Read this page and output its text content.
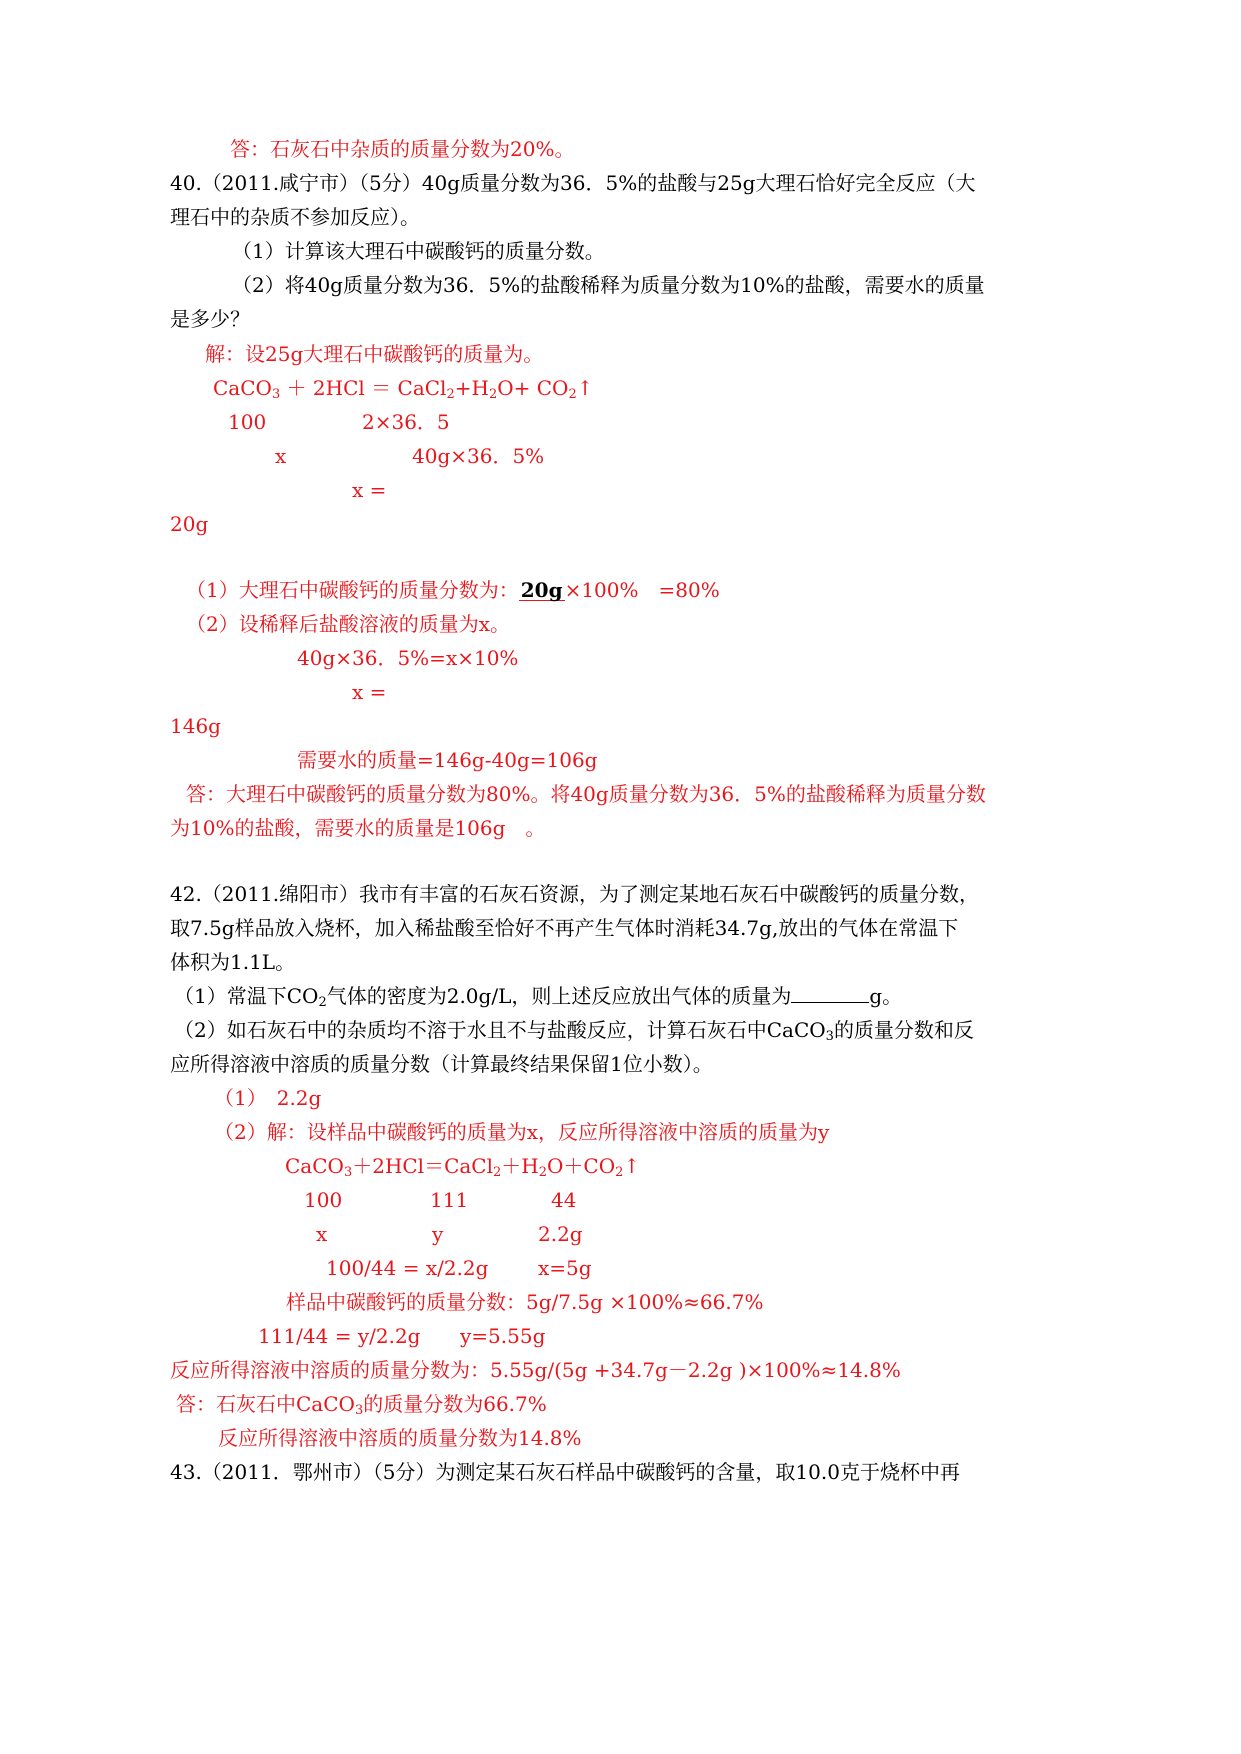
答：石灰石中杂质的质量分数为20%。
40.（2011.咸宁市）（5分）40g质量分数为36．5%的盐酸与25g大理石恰好完全反应（大
理石中的杂质不参加反应）。
（1）计算该大理石中碳酸钙的质量分数。
（2）将40g质量分数为36．5%的盐酸稀释为质量分数为10%的盐酸，需要水的质量
是多少？
解：设25g大理石中碳酸钙的质量为。
CaCO$_3$ ＋ $2HCl = CaCl_2+H_2O+$ $CO_2↑$
100	2×36．5
x	40g×36．5%
x =
20g
（1）大理石中碳酸钙的质量分数为： 20g ×100%　=80%
（2）设稀释后盐酸溶液的质量为x。
40g×36．5%=x×10%
x =
146g
需要水的质量=146g-40g=106g
答：大理石中碳酸钙的质量分数为80%。将40g质量分数为36．5%的盐酸稀释为质量分数
为10%的盐酸，需要水的质量是106g　。
42.（2011.绵阳市）我市有丰富的石灰石资源，为了测定某地石灰石中碳酸钙的质量分数，
取7.5g样品放入烧杯，加入稀盐酸至恰好不再产生气体时消耗34.7g,放出的气体在常温下
体积为1.1L。
（1）常温下$CO_2$气体的密度为2.0g/L，则上述反应放出气体的质量为	g。
（2）如石灰石中的杂质均不溶于水且不与盐酸反应，计算石灰石中CaCO$_3$的质量分数和反
应所得溶液中溶质的质量分数（计算最终结果保留1位小数）。
（1）　2.2g
（2）解：设样品中碳酸钙的质量为x，反应所得溶液中溶质的质量为y
$CaCO_3+2HCl=CaCl_2+H_2O+CO_2↑$
100	111	44
x	y	2.2g
100/44 = x/2.2g x=5g
样品中碳酸钙的质量分数：5g/7.5g ×100%≈66.7%
111/44 = y/2.2g y=5.55g
反应所得溶液中溶质的质量分数为：5.55g/(5g +34.7g－2.2g )×100%≈14.8%
答：石灰石中CaCO$_3$的质量分数为66.7%
反应所得溶液中溶质的质量分数为14.8%
43.（2011．鄂州市）（5分）为测定某石灰石样品中碳酸钙的含量，取10.0克于烧杯中再
